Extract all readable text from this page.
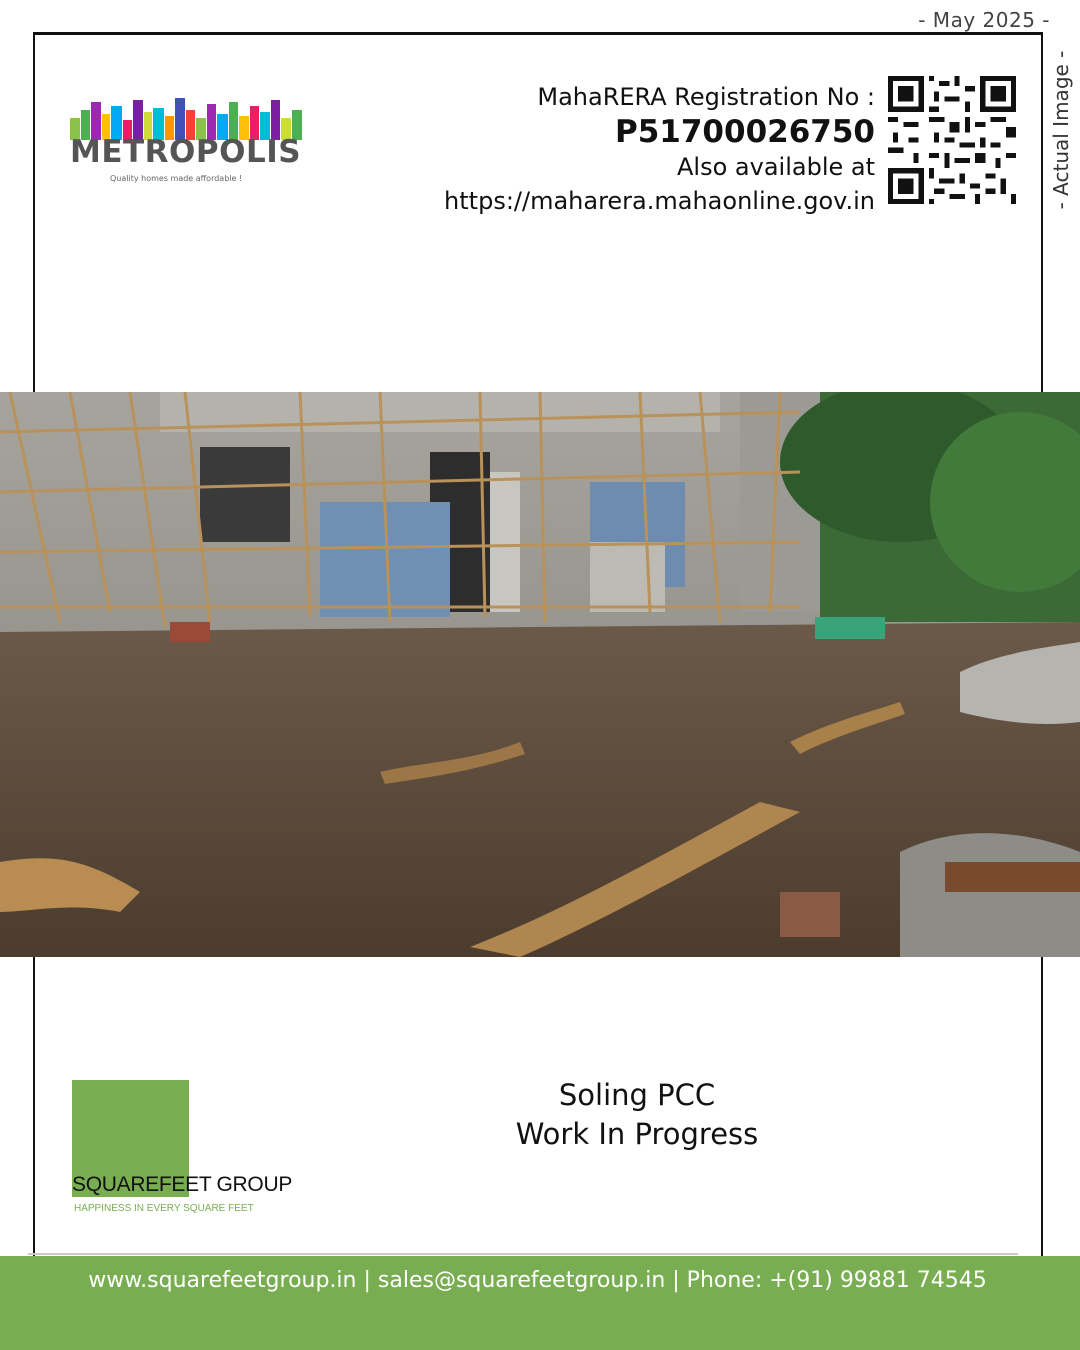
- May 2025 -
- Actual Image -
METROPOLIS
Quality homes made affordable !
MahaRERA Registration No :
P51700026750
Also available at
https://maharera.mahaonline.gov.in
SQUAREFEET GROUP
HAPPINESS IN EVERY SQUARE FEET
Soling PCC
Work In Progress
www.squarefeetgroup.in | sales@squarefeetgroup.in | Phone: +(91) 99881 74545
